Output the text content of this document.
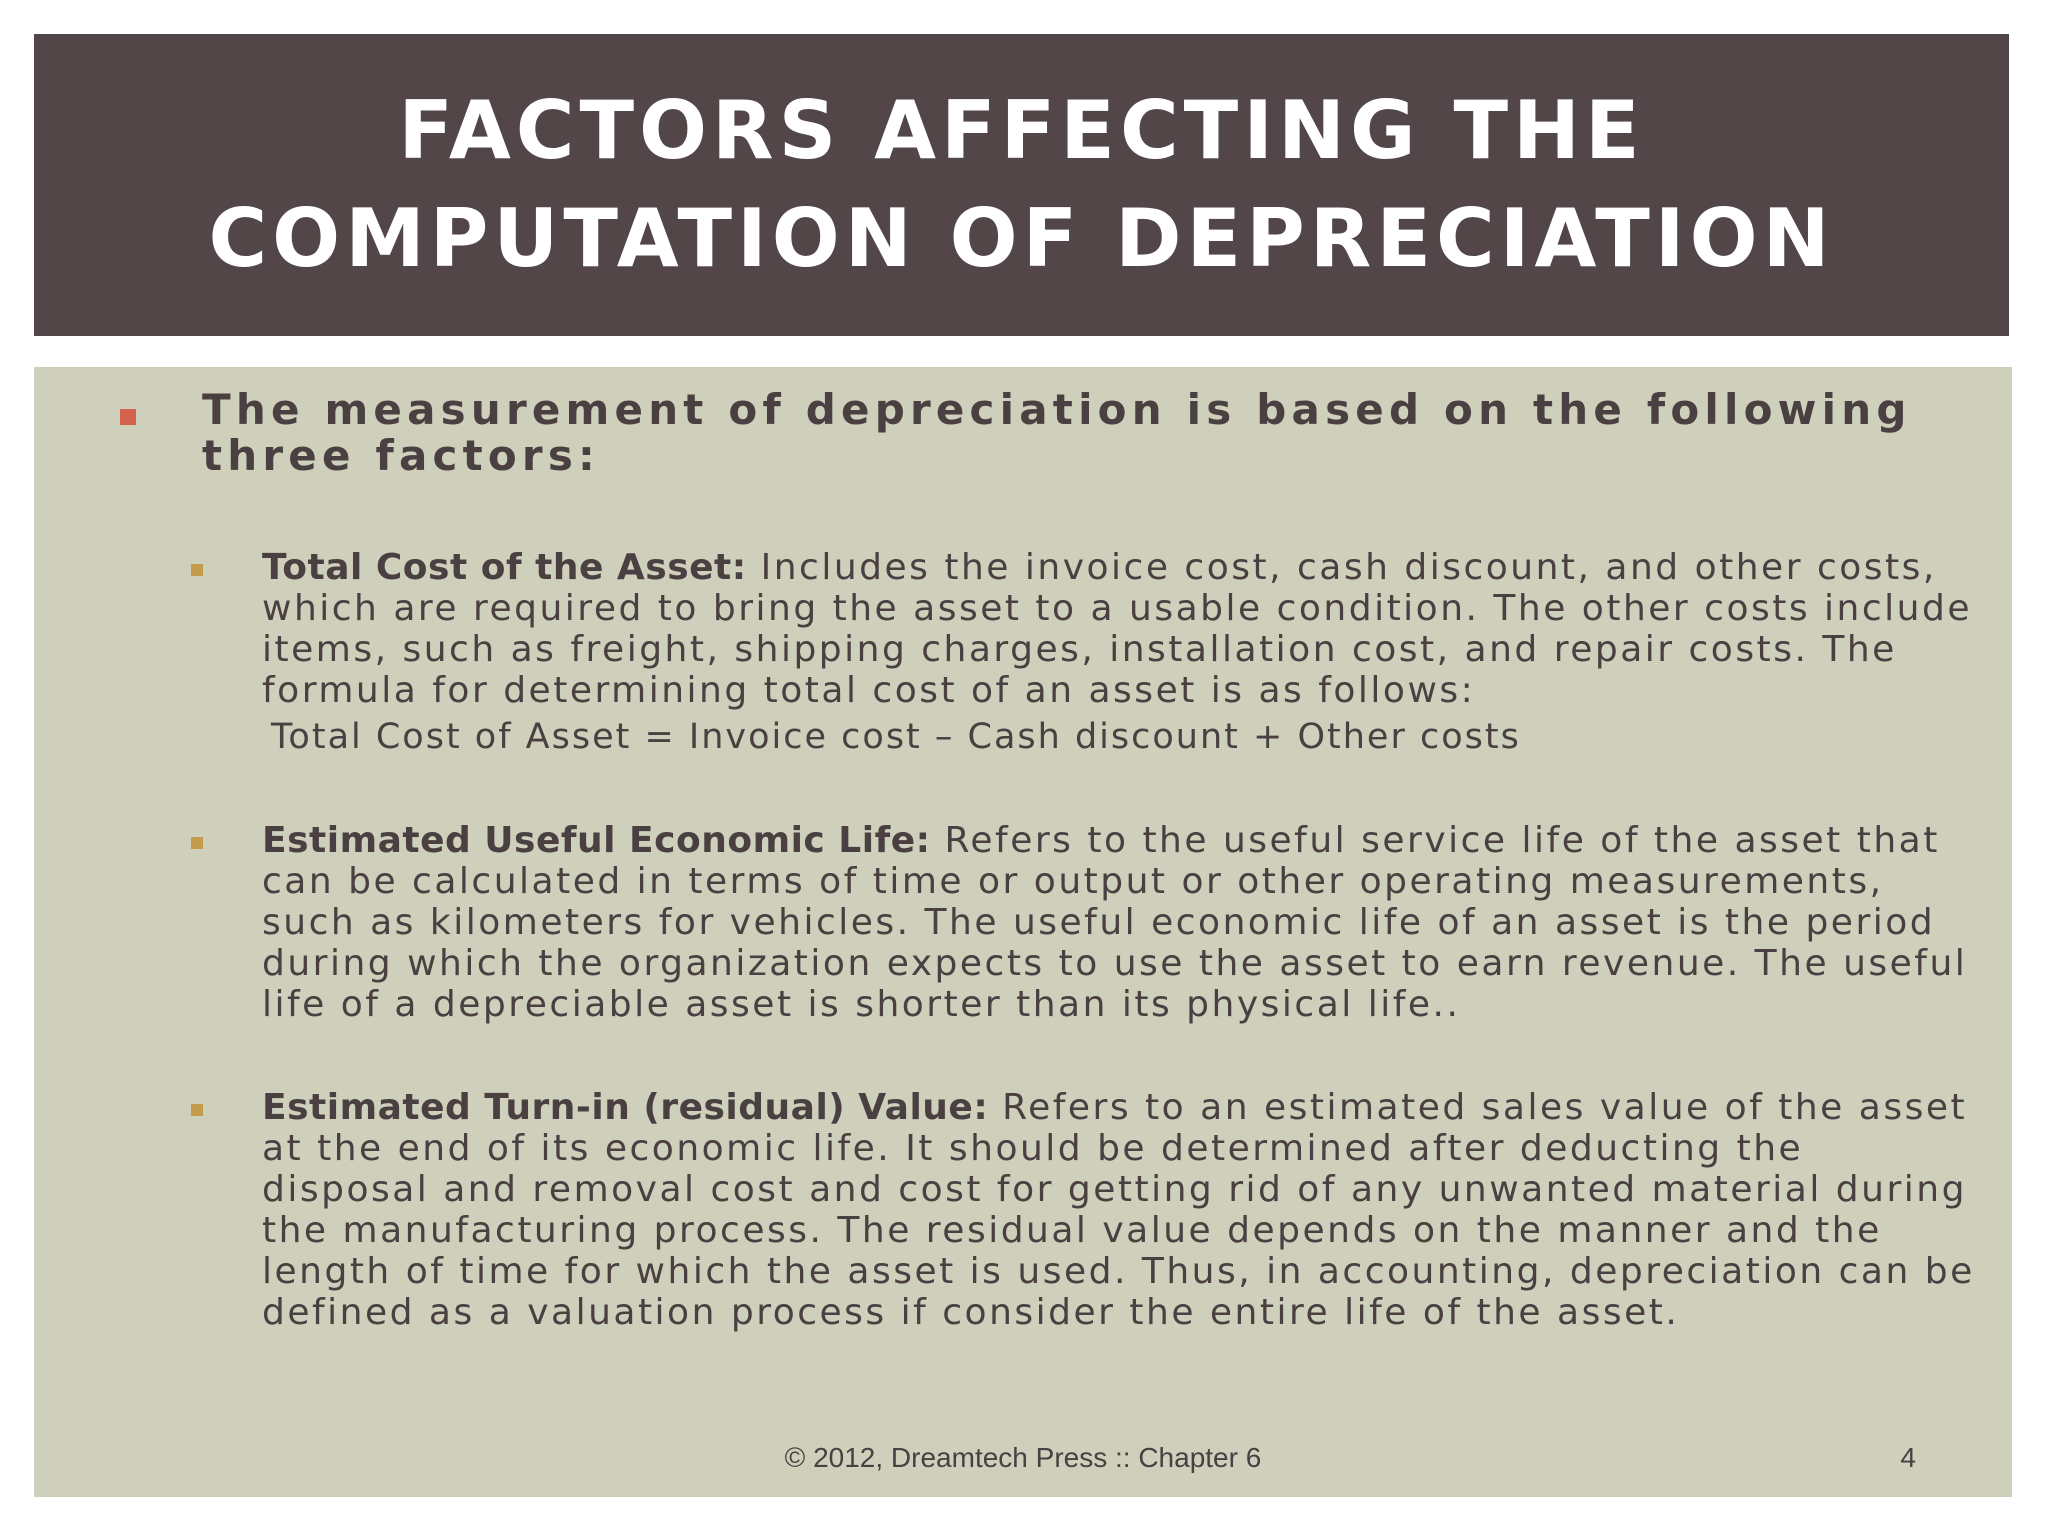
FACTORS AFFECTING THE COMPUTATION OF DEPRECIATION
The measurement of depreciation is based on the following three factors:
Total Cost of the Asset: Includes the invoice cost, cash discount, and other costs, which are required to bring the asset to a usable condition. The other costs include items, such as freight, shipping charges, installation cost, and repair costs. The formula for determining total cost of an asset is as follows:
Total Cost of Asset = Invoice cost – Cash discount + Other costs
Estimated Useful Economic Life: Refers to the useful service life of the asset that can be calculated in terms of time or output or other operating measurements, such as kilometers for vehicles. The useful economic life of an asset is the period during which the organization expects to use the asset to earn revenue. The useful life of a depreciable asset is shorter than its physical life..
Estimated Turn-in (residual) Value: Refers to an estimated sales value of the asset at the end of its economic life. It should be determined after deducting the disposal and removal cost and cost for getting rid of any unwanted material during the manufacturing process. The residual value depends on the manner and the length of time for which the asset is used. Thus, in accounting, depreciation can be defined as a valuation process if consider the entire life of the asset.
© 2012, Dreamtech Press :: Chapter 6	4
